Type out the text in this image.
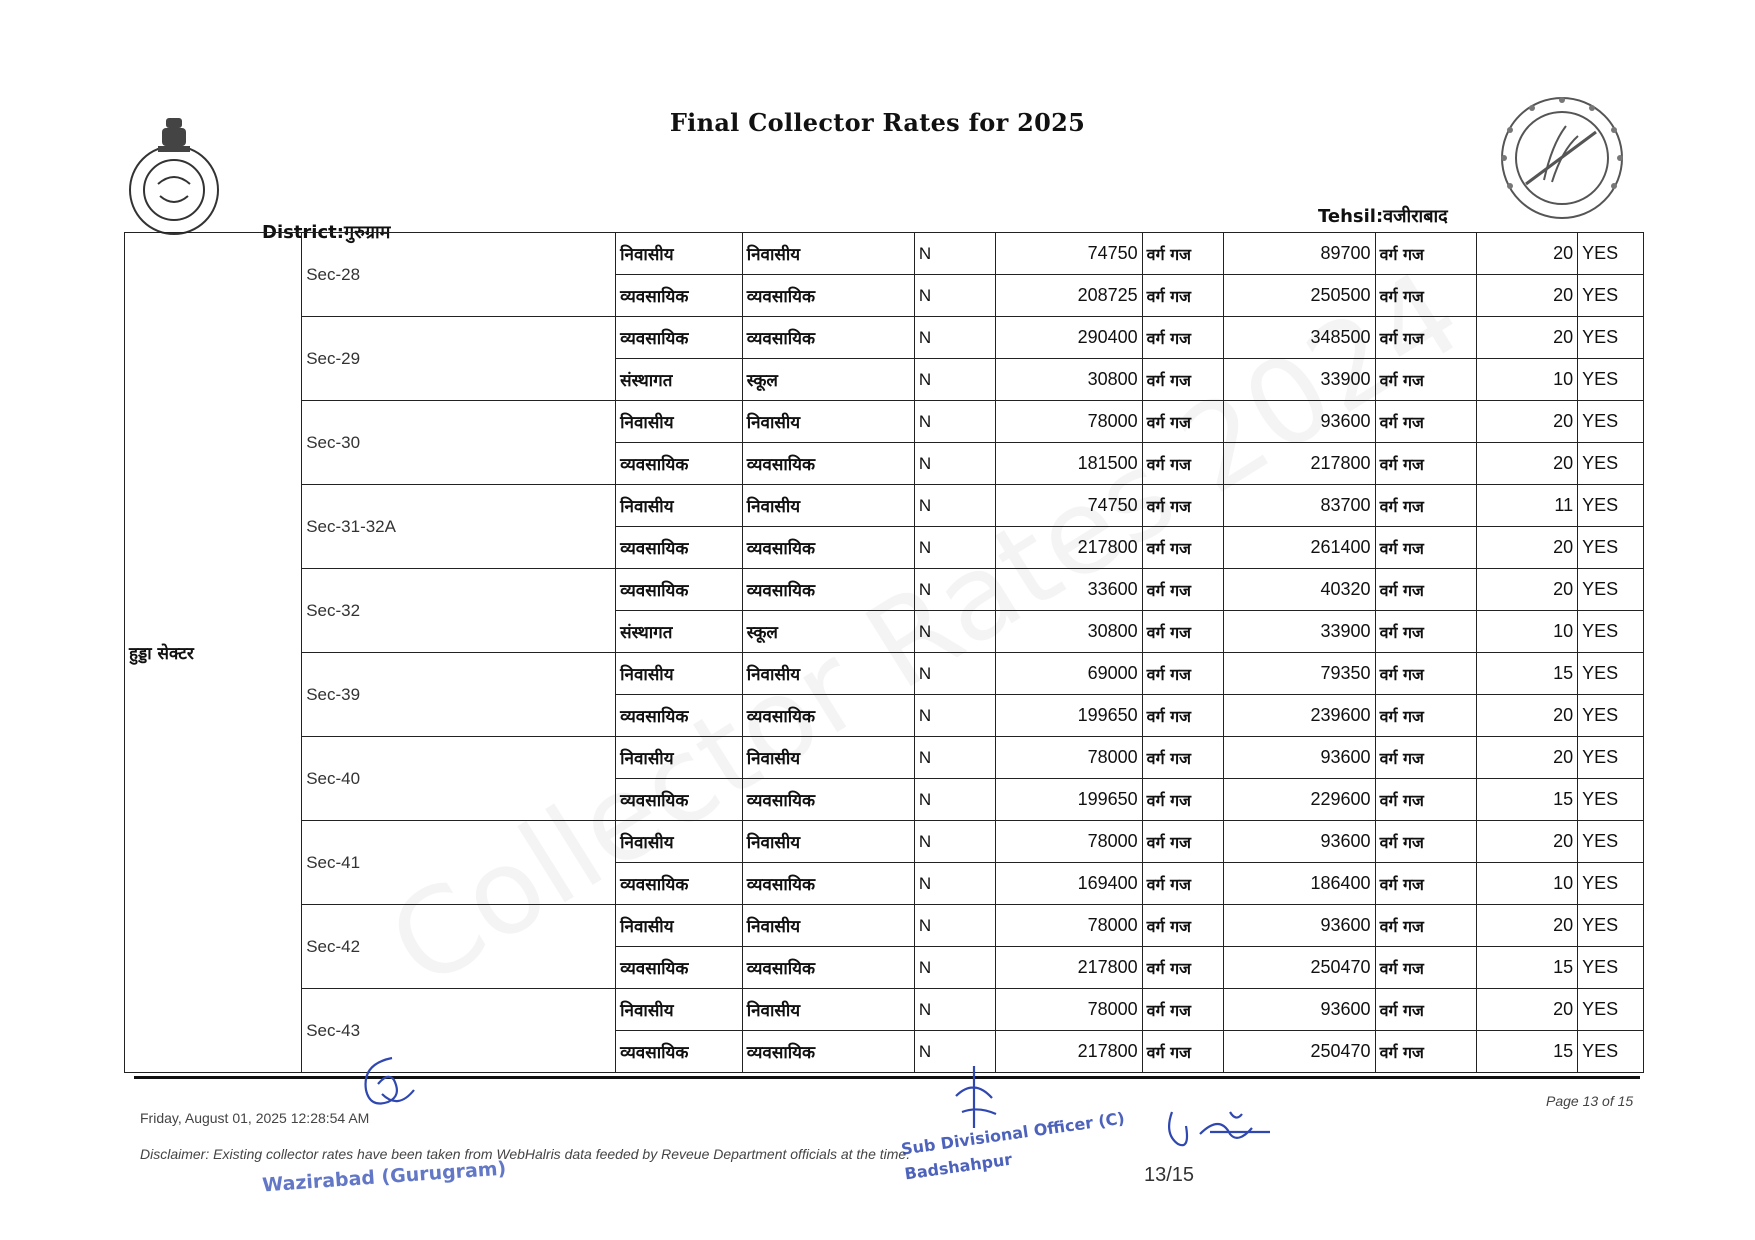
Final Collector Rates for 2025
District:गुरुग्राम
Tehsil:वजीराबाद
हुड्डा सेक्टर	Sec-28	निवासीय	निवासीय	N	74750	वर्ग गज	89700	वर्ग गज	20	YES
		व्यवसायिक	व्यवसायिक	N	208725	वर्ग गज	250500	वर्ग गज	20	YES
	Sec-29	व्यवसायिक	व्यवसायिक	N	290400	वर्ग गज	348500	वर्ग गज	20	YES
		संस्थागत	स्कूल	N	30800	वर्ग गज	33900	वर्ग गज	10	YES
	Sec-30	निवासीय	निवासीय	N	78000	वर्ग गज	93600	वर्ग गज	20	YES
		व्यवसायिक	व्यवसायिक	N	181500	वर्ग गज	217800	वर्ग गज	20	YES
	Sec-31-32A	निवासीय	निवासीय	N	74750	वर्ग गज	83700	वर्ग गज	11	YES
		व्यवसायिक	व्यवसायिक	N	217800	वर्ग गज	261400	वर्ग गज	20	YES
	Sec-32	व्यवसायिक	व्यवसायिक	N	33600	वर्ग गज	40320	वर्ग गज	20	YES
		संस्थागत	स्कूल	N	30800	वर्ग गज	33900	वर्ग गज	10	YES
	Sec-39	निवासीय	निवासीय	N	69000	वर्ग गज	79350	वर्ग गज	15	YES
		व्यवसायिक	व्यवसायिक	N	199650	वर्ग गज	239600	वर्ग गज	20	YES
	Sec-40	निवासीय	निवासीय	N	78000	वर्ग गज	93600	वर्ग गज	20	YES
		व्यवसायिक	व्यवसायिक	N	199650	वर्ग गज	229600	वर्ग गज	15	YES
	Sec-41	निवासीय	निवासीय	N	78000	वर्ग गज	93600	वर्ग गज	20	YES
		व्यवसायिक	व्यवसायिक	N	169400	वर्ग गज	186400	वर्ग गज	10	YES
	Sec-42	निवासीय	निवासीय	N	78000	वर्ग गज	93600	वर्ग गज	20	YES
		व्यवसायिक	व्यवसायिक	N	217800	वर्ग गज	250470	वर्ग गज	15	YES
	Sec-43	निवासीय	निवासीय	N	78000	वर्ग गज	93600	वर्ग गज	20	YES
		व्यवसायिक	व्यवसायिक	N	217800	वर्ग गज	250470	वर्ग गज	15	YES
Friday, August 01, 2025 12:28:54 AM
Page 13 of 15
Disclaimer: Existing collector rates have been taken from WebHalris data feeded by Reveue Department officials at the time.
13/15
Wazirabad (Gurugram)
Sub Divisional Officer (C)
Badshahpur
